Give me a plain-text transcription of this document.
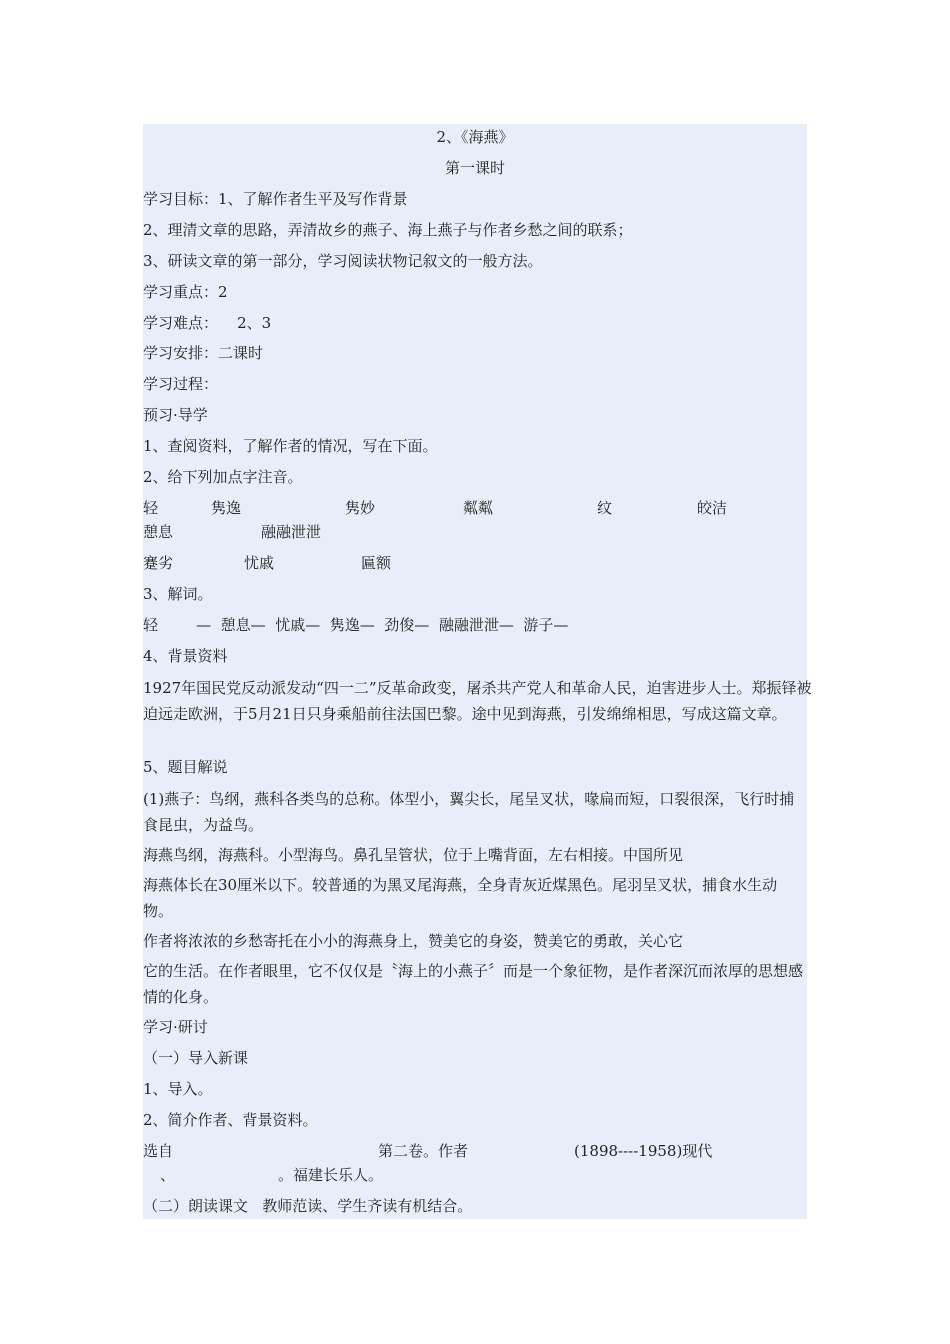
2、《海燕》
第一课时
学习目标：1、了解作者生平及写作背景
2、理清文章的思路，弄清故乡的燕子、海上燕子与作者乡愁之间的联系；
3、研读文章的第一部分，学习阅读状物记叙文的一般方法。
学习重点：2
学习难点：    2、3
学习安排：二课时
学习过程：
预习·导学
1、查阅资料，了解作者的情况，写在下面。
2、给下列加点字注音。
轻	隽逸	隽妙	粼粼	纹	皎洁
憩息	融融泄泄
蹇劣	忧戚	匾额
3、解词。
轻        —  憩息—  忧戚—  隽逸—  劲俊—  融融泄泄—  游子—
4、背景资料
1927年国民党反动派发动“四一二”反革命政变，屠杀共产党人和革命人民，迫害进步人士。郑振铎被迫远走欧洲，于5月21日只身乘船前往法国巴黎。途中见到海燕，引发绵绵相思，写成这篇文章。
5、题目解说
(1)燕子：鸟纲，燕科各类鸟的总称。体型小，翼尖长，尾呈叉状，喙扁而短，口裂很深，飞行时捕食昆虫，为益鸟。
海燕鸟纲，海燕科。小型海鸟。鼻孔呈管状，位于上嘴背面，左右相接。中国所见
海燕体长在30厘米以下。较普通的为黑叉尾海燕，全身青灰近煤黑色。尾羽呈叉状，捕食水生动物。
作者将浓浓的乡愁寄托在小小的海燕身上，赞美它的身姿，赞美它的勇敢，关心它
它的生活。在作者眼里，它不仅仅是〝海上的小燕子〞而是一个象征物，是作者深沉而浓厚的思想感情的化身。
学习·研讨
（一）导入新课
1、导入。
2、简介作者、背景资料。
选自	第二卷。作者	(1898----1958)现代
、	。福建长乐人。
（二）朗读课文   教师范读、学生齐读有机结合。
